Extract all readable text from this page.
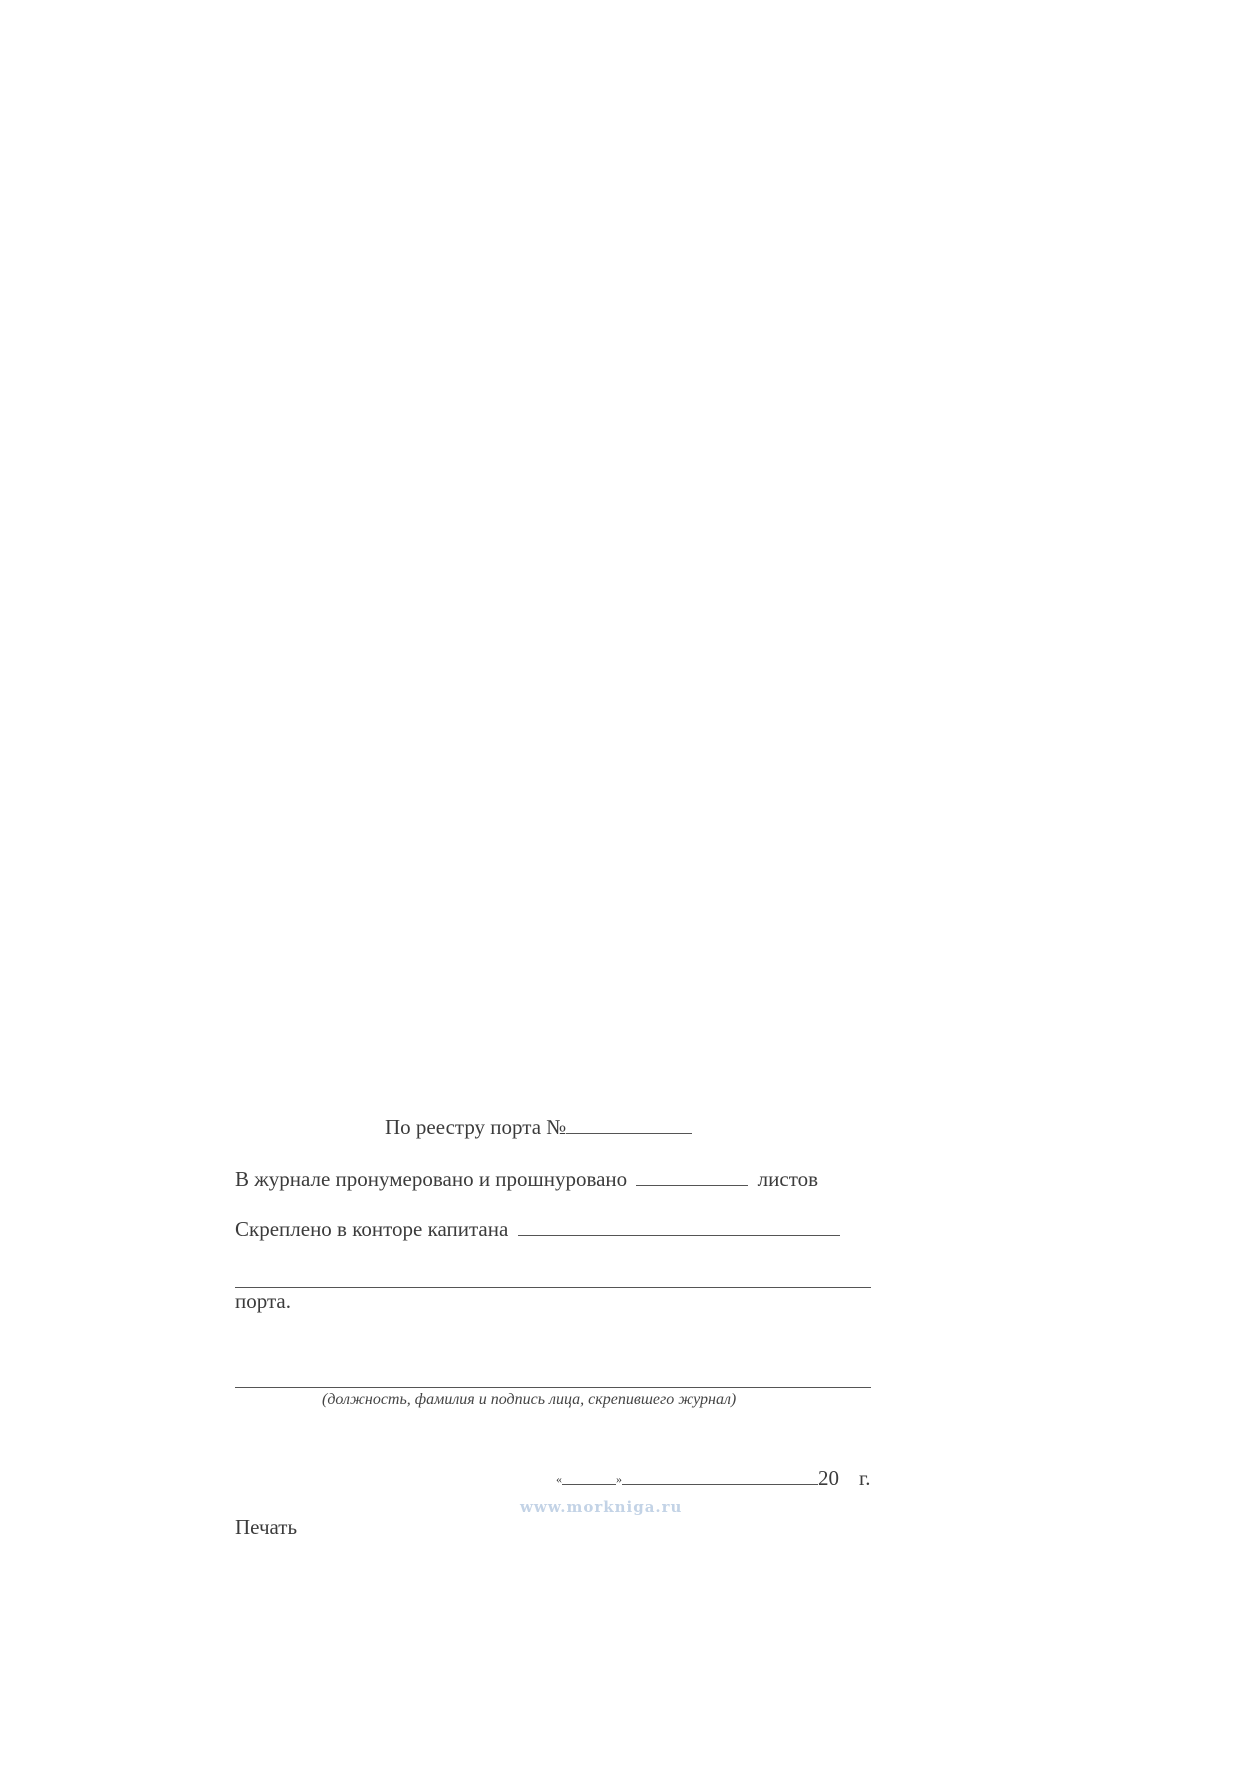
По реестру порта №
В журнале пронумеровано и прошнуровано	листов
Скреплено в конторе капитана
порта.
(должность, фамилия и подпись лица, скрепившего журнал)
«	»	20 г.
www.morkniga.ru
Печать
